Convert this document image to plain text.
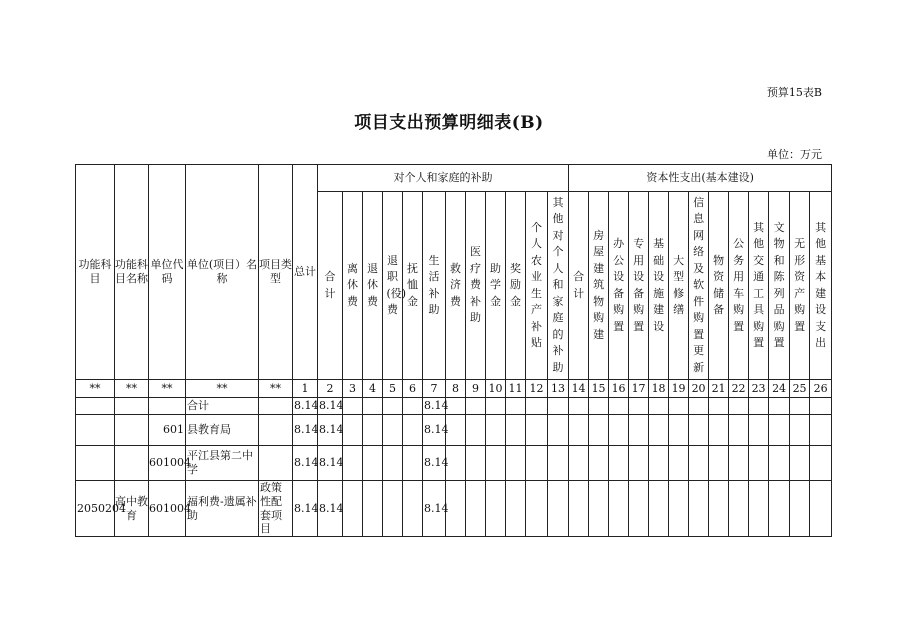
预算15表B
项目支出预算明细表(B)
单位：万元
功能科目	功能科目名称	单位代码	单位(项目）名称	项目类型	总计	对个人和家庭的补助												资本性支出(基本建设)												
						合计	离休费	退休费	退职(役)费	抚恤金	生活补助	救济费	医疗费补助	助学金	奖励金	个人农业生产补贴	其他对个人和家庭的补助	合计	房屋建筑物购建	办公设备购置	专用设备购置	基础设施建设	大型修缮	信息网络及软件购置更新	物资储备	公务用车购置	其他交通工具购置	文物和陈列品购置	无形资产购置	其他基本建设支出
**	**	**	**	**	1	2	3	4	5	6	7	8	9	10	11	12	13	14	15	16	17	18	19	20	21	22	23	24	25	26
			合计		8.14	8.14					8.14																			
		601	县教育局		8.14	8.14					8.14																			
		601004	平江县第二中学		8.14	8.14					8.14																			
2050204	高中教育	601004	福利费-遗属补助	政策性配套项目	8.14	8.14					8.14																			
